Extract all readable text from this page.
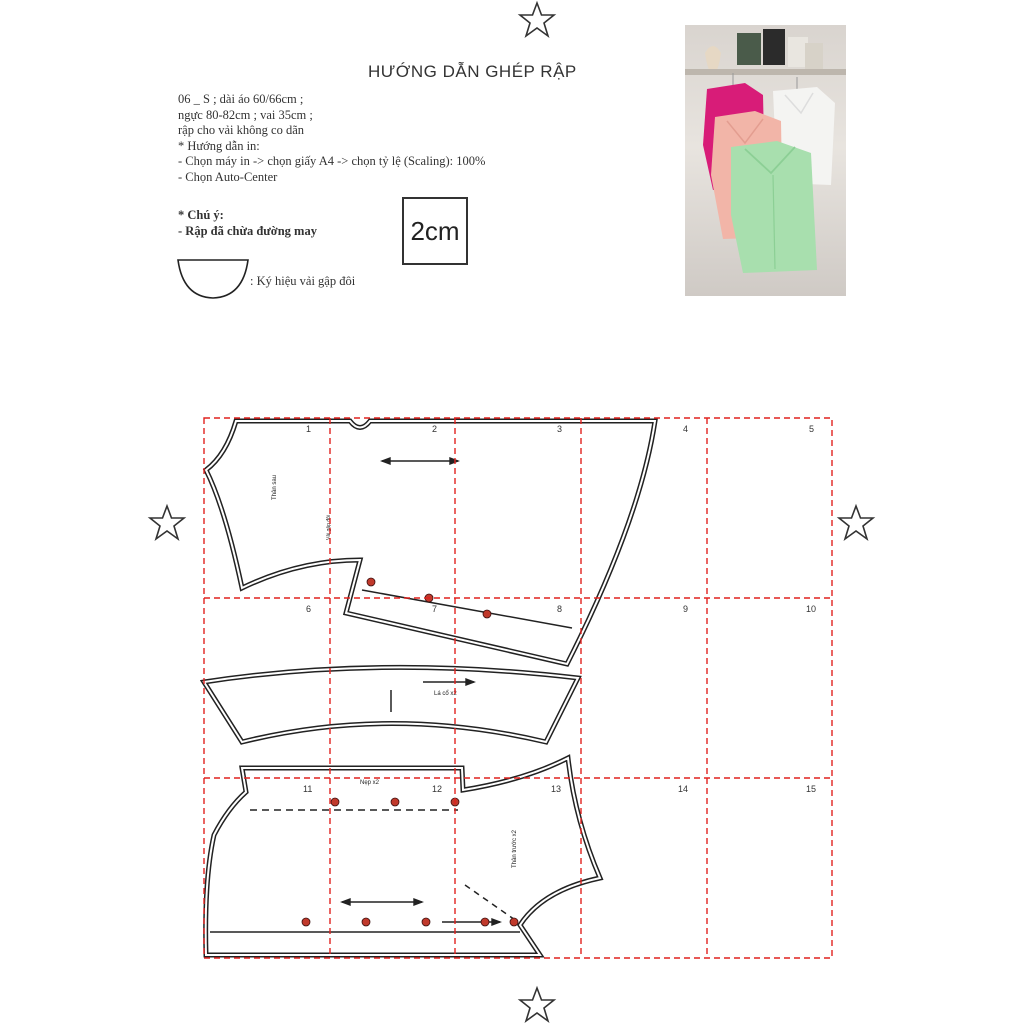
HƯỚNG DẪN GHÉP RẬP
06 _ S ; dài áo 60/66cm ;
ngực 80-82cm ; vai 35cm ;
rập cho vải không co dãn
* Hướng dẫn in:
- Chọn máy in -> chọn giấy A4 -> chọn tỷ lệ (Scaling): 100%
- Chọn Auto-Center
* Chú ý:
- Rập đã chừa đường may	2cm
: Ký hiệu vải gập đôi
Thân sau
Vải gập đôi
Lá cổ x2
Nẹp x2
Thân trước x2
1	2	3	4	5
6	7	8	9	10
11	12	13	14	15
